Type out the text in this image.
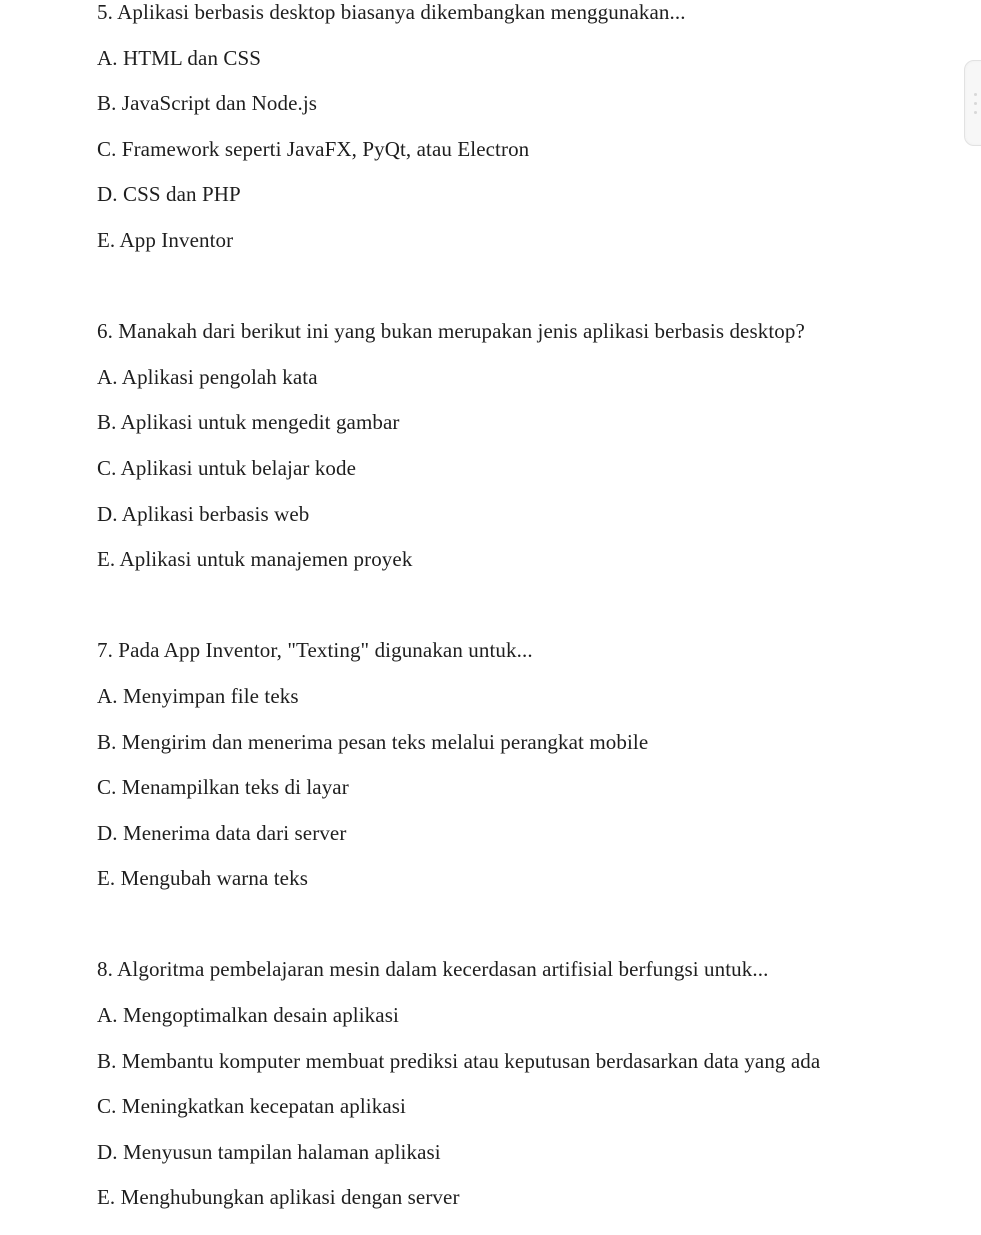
5. Aplikasi berbasis desktop biasanya dikembangkan menggunakan...

A. HTML dan CSS

B. JavaScript dan Node.js

C. Framework seperti JavaFX, PyQt, atau Electron

D. CSS dan PHP

E. App Inventor

6. Manakah dari berikut ini yang bukan merupakan jenis aplikasi berbasis desktop?

A. Aplikasi pengolah kata

B. Aplikasi untuk mengedit gambar

C. Aplikasi untuk belajar kode

D. Aplikasi berbasis web

E. Aplikasi untuk manajemen proyek

7. Pada App Inventor, "Texting" digunakan untuk...

A. Menyimpan file teks

B. Mengirim dan menerima pesan teks melalui perangkat mobile

C. Menampilkan teks di layar

D. Menerima data dari server

E. Mengubah warna teks

8. Algoritma pembelajaran mesin dalam kecerdasan artifisial berfungsi untuk...

A. Mengoptimalkan desain aplikasi

B. Membantu komputer membuat prediksi atau keputusan berdasarkan data yang ada

C. Meningkatkan kecepatan aplikasi

D. Menyusun tampilan halaman aplikasi

E. Menghubungkan aplikasi dengan server
